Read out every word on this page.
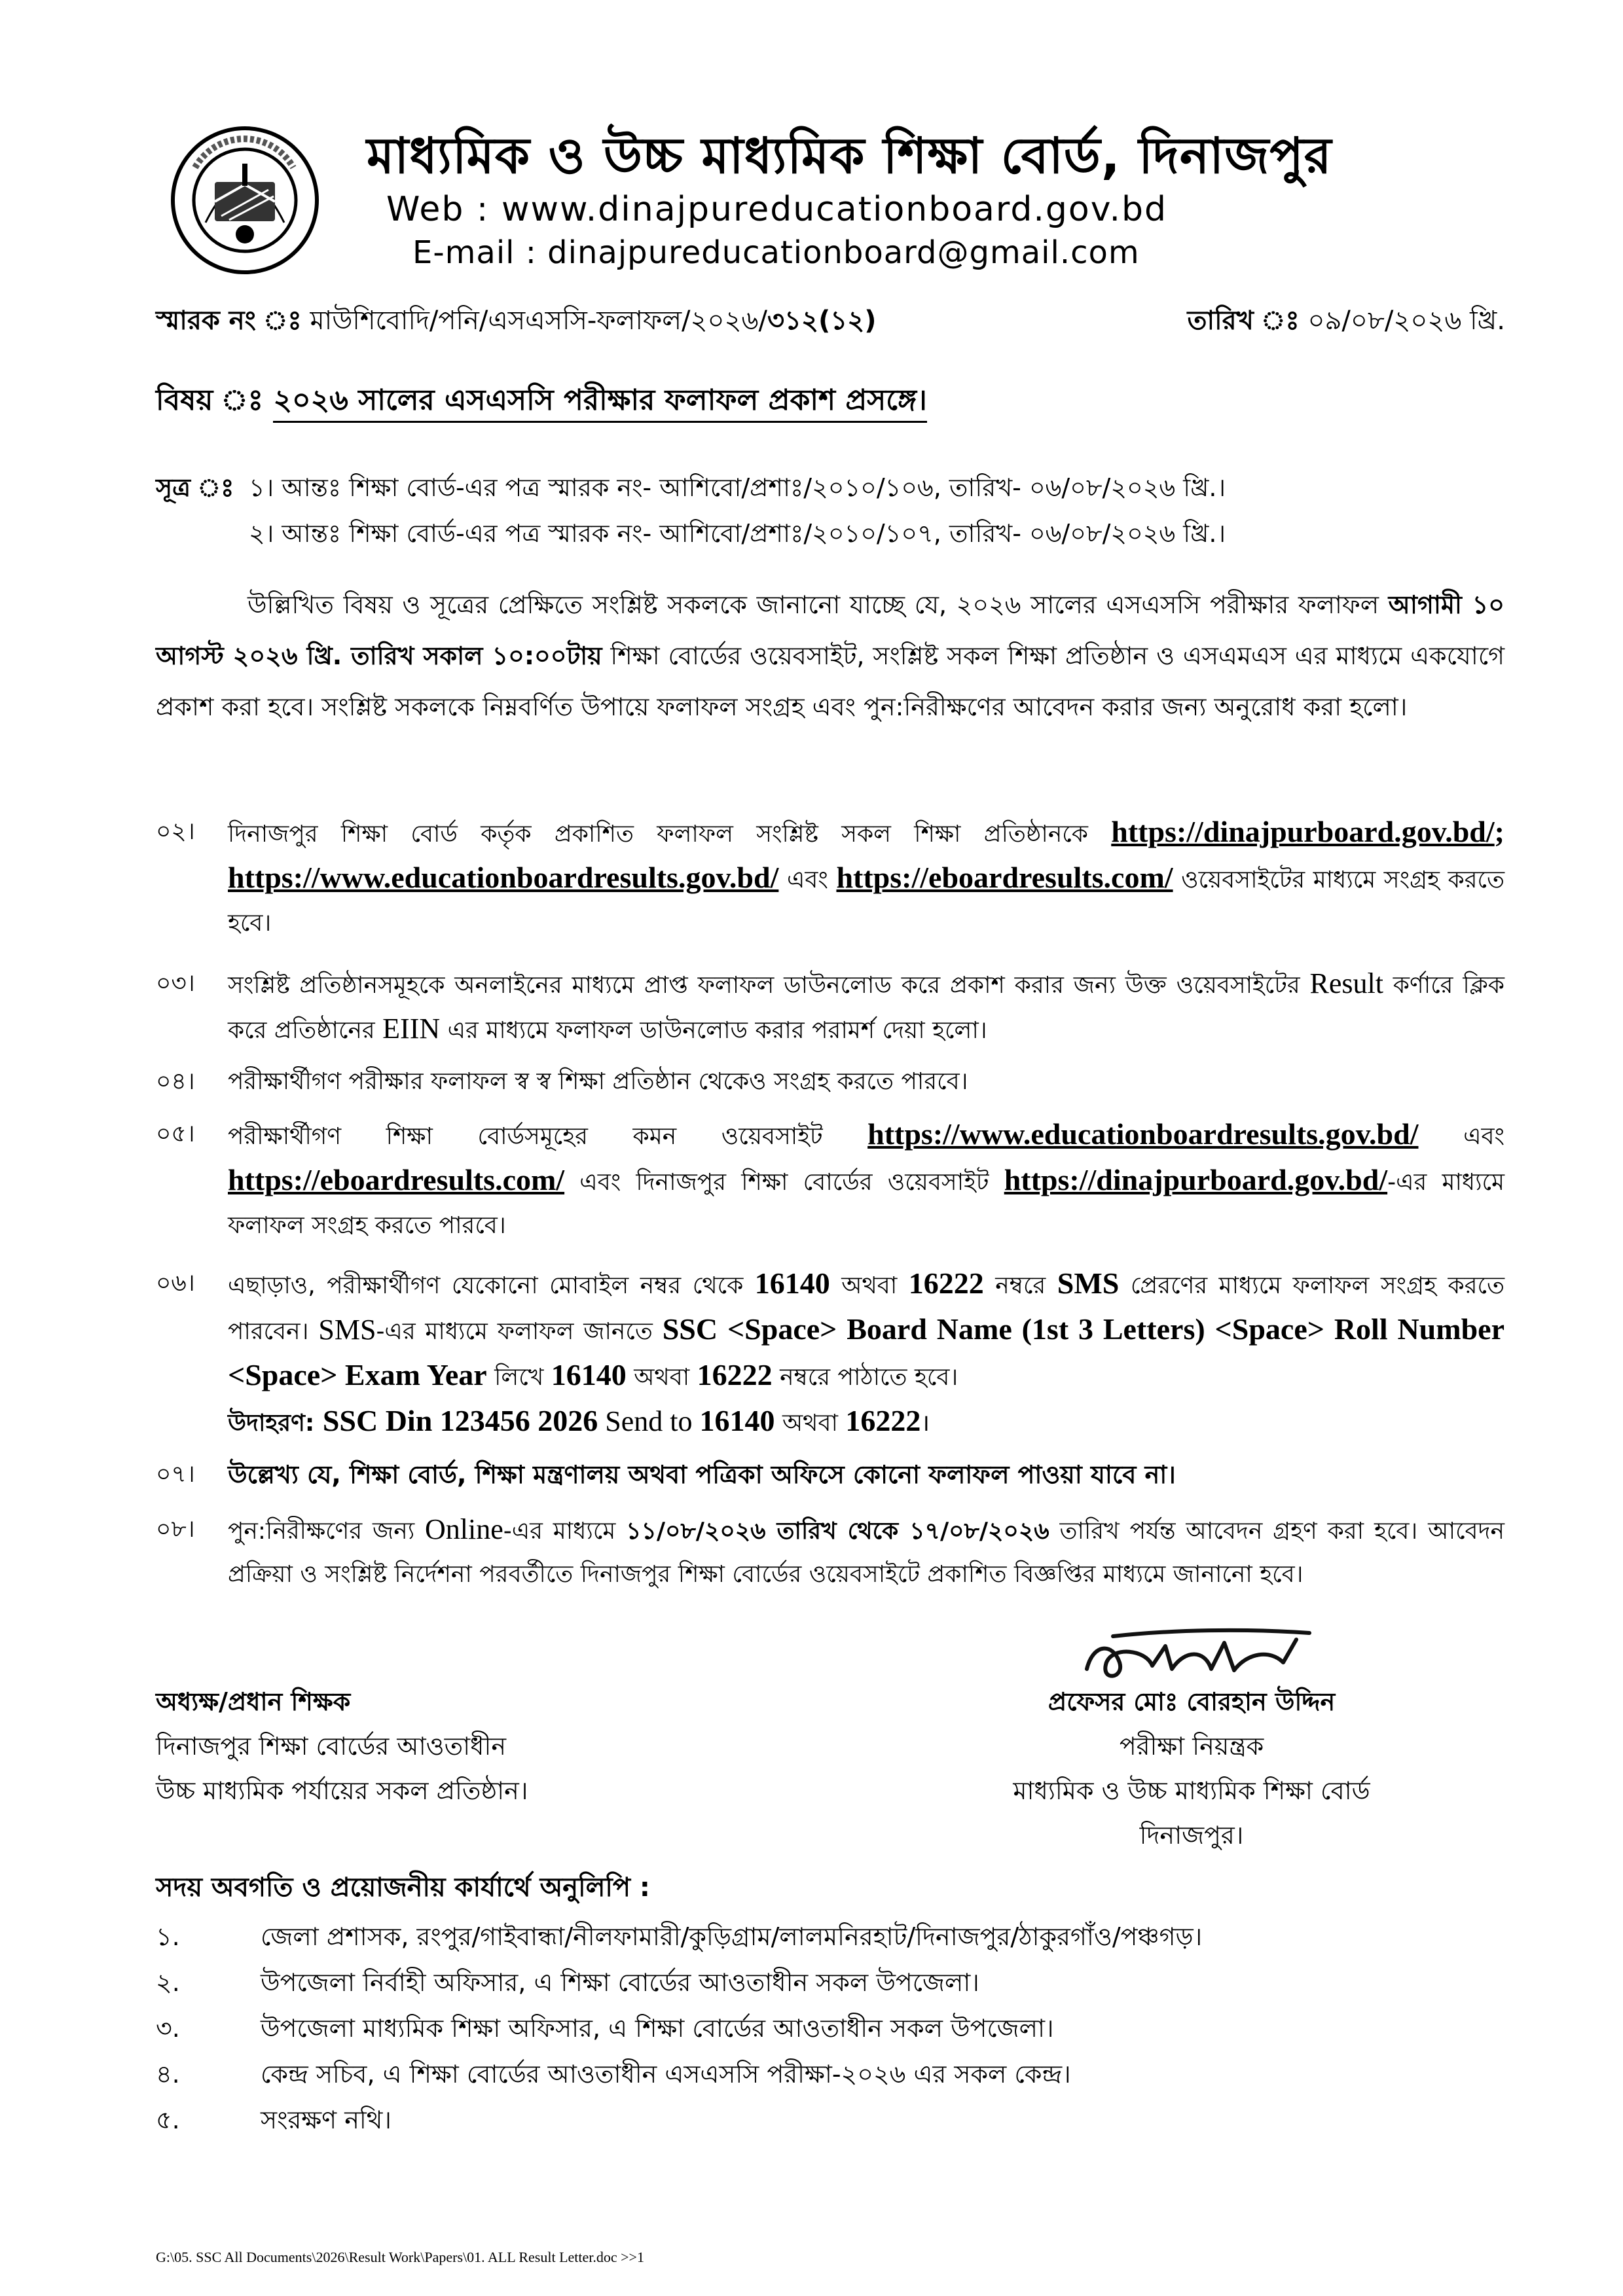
মাধ্যমিক ও উচ্চ মাধ্যমিক শিক্ষা বোর্ড, দিনাজপুর
Web : www.dinajpureducationboard.gov.bd
E-mail : dinajpureducationboard@gmail.com
স্মারক নং ঃ মাউশিবোদি/পনি/এসএসসি-ফলাফল/২০২৬/৩১২(১২)	তারিখ ঃ ০৯/০৮/২০২৬ খ্রি.
বিষয় ঃ ২০২৬ সালের এসএসসি পরীক্ষার ফলাফল প্রকাশ প্রসঙ্গে।
সূত্র ঃ ১। আন্তঃ শিক্ষা বোর্ড-এর পত্র স্মারক নং- আশিবো/প্রশাঃ/২০১০/১০৬, তারিখ- ০৬/০৮/২০২৬ খ্রি.।
২। আন্তঃ শিক্ষা বোর্ড-এর পত্র স্মারক নং- আশিবো/প্রশাঃ/২০১০/১০৭, তারিখ- ০৬/০৮/২০২৬ খ্রি.।

উল্লিখিত বিষয় ও সূত্রের প্রেক্ষিতে সংশ্লিষ্ট সকলকে জানানো যাচ্ছে যে, ২০২৬ সালের এসএসসি পরীক্ষার ফলাফল আগামী ১০ আগস্ট ২০২৬ খ্রি. তারিখ সকাল ১০:০০টায় শিক্ষা বোর্ডের ওয়েবসাইট, সংশ্লিষ্ট সকল শিক্ষা প্রতিষ্ঠান ও এসএমএস এর মাধ্যমে একযোগে প্রকাশ করা হবে। সংশ্লিষ্ট সকলকে নিম্নবর্ণিত উপায়ে ফলাফল সংগ্রহ এবং পুন:নিরীক্ষণের আবেদন করার জন্য অনুরোধ করা হলো।

০২।	দিনাজপুর শিক্ষা বোর্ড কর্তৃক প্রকাশিত ফলাফল সংশ্লিষ্ট সকল শিক্ষা প্রতিষ্ঠানকে https://dinajpurboard.gov.bd/; https://www.educationboardresults.gov.bd/ এবং https://eboardresults.com/ ওয়েবসাইটের মাধ্যমে সংগ্রহ করতে হবে।

০৩।	সংশ্লিষ্ট প্রতিষ্ঠানসমূহকে অনলাইনের মাধ্যমে প্রাপ্ত ফলাফল ডাউনলোড করে প্রকাশ করার জন্য উক্ত ওয়েবসাইটের Result কর্ণারে ক্লিক করে প্রতিষ্ঠানের EIIN এর মাধ্যমে ফলাফল ডাউনলোড করার পরামর্শ দেয়া হলো।

০৪।	পরীক্ষার্থীগণ পরীক্ষার ফলাফল স্ব স্ব শিক্ষা প্রতিষ্ঠান থেকেও সংগ্রহ করতে পারবে।

০৫।	পরীক্ষার্থীগণ শিক্ষা বোর্ডসমূহের কমন ওয়েবসাইট https://www.educationboardresults.gov.bd/ এবং https://eboardresults.com/ এবং দিনাজপুর শিক্ষা বোর্ডের ওয়েবসাইট https://dinajpurboard.gov.bd/-এর মাধ্যমে ফলাফল সংগ্রহ করতে পারবে।

০৬।	এছাড়াও, পরীক্ষার্থীগণ যেকোনো মোবাইল নম্বর থেকে 16140 অথবা 16222 নম্বরে SMS প্রেরণের মাধ্যমে ফলাফল সংগ্রহ করতে পারবেন। SMS-এর মাধ্যমে ফলাফল জানতে SSC <Space> Board Name (1st 3 Letters) <Space> Roll Number <Space> Exam Year লিখে 16140 অথবা 16222 নম্বরে পাঠাতে হবে।
উদাহরণ: SSC Din 123456 2026 Send to 16140 অথবা 16222।

০৭।	উল্লেখ্য যে, শিক্ষা বোর্ড, শিক্ষা মন্ত্রণালয় অথবা পত্রিকা অফিসে কোনো ফলাফল পাওয়া যাবে না।

০৮।	পুন:নিরীক্ষণের জন্য Online-এর মাধ্যমে ১১/০৮/২০২৬ তারিখ থেকে ১৭/০৮/২০২৬ তারিখ পর্যন্ত আবেদন গ্রহণ করা হবে। আবেদন প্রক্রিয়া ও সংশ্লিষ্ট নির্দেশনা পরবর্তীতে দিনাজপুর শিক্ষা বোর্ডের ওয়েবসাইটে প্রকাশিত বিজ্ঞপ্তির মাধ্যমে জানানো হবে।

অধ্যক্ষ/প্রধান শিক্ষক
দিনাজপুর শিক্ষা বোর্ডের আওতাধীন
উচ্চ মাধ্যমিক পর্যায়ের সকল প্রতিষ্ঠান।
প্রফেসর মোঃ বোরহান উদ্দিন
পরীক্ষা নিয়ন্ত্রক
মাধ্যমিক ও উচ্চ মাধ্যমিক শিক্ষা বোর্ড
দিনাজপুর।
সদয় অবগতি ও প্রয়োজনীয় কার্যার্থে অনুলিপি :
১.	জেলা প্রশাসক, রংপুর/গাইবান্ধা/নীলফামারী/কুড়িগ্রাম/লালমনিরহাট/দিনাজপুর/ঠাকুরগাঁও/পঞ্চগড়।
২.	উপজেলা নির্বাহী অফিসার, এ শিক্ষা বোর্ডের আওতাধীন সকল উপজেলা।
৩.	উপজেলা মাধ্যমিক শিক্ষা অফিসার, এ শিক্ষা বোর্ডের আওতাধীন সকল উপজেলা।
৪.	কেন্দ্র সচিব, এ শিক্ষা বোর্ডের আওতাধীন এসএসসি পরীক্ষা-২০২৬ এর সকল কেন্দ্র।
৫.	সংরক্ষণ নথি।
G:\05. SSC All Documents\2026\Result Work\Papers\01. ALL Result Letter.doc >>1
